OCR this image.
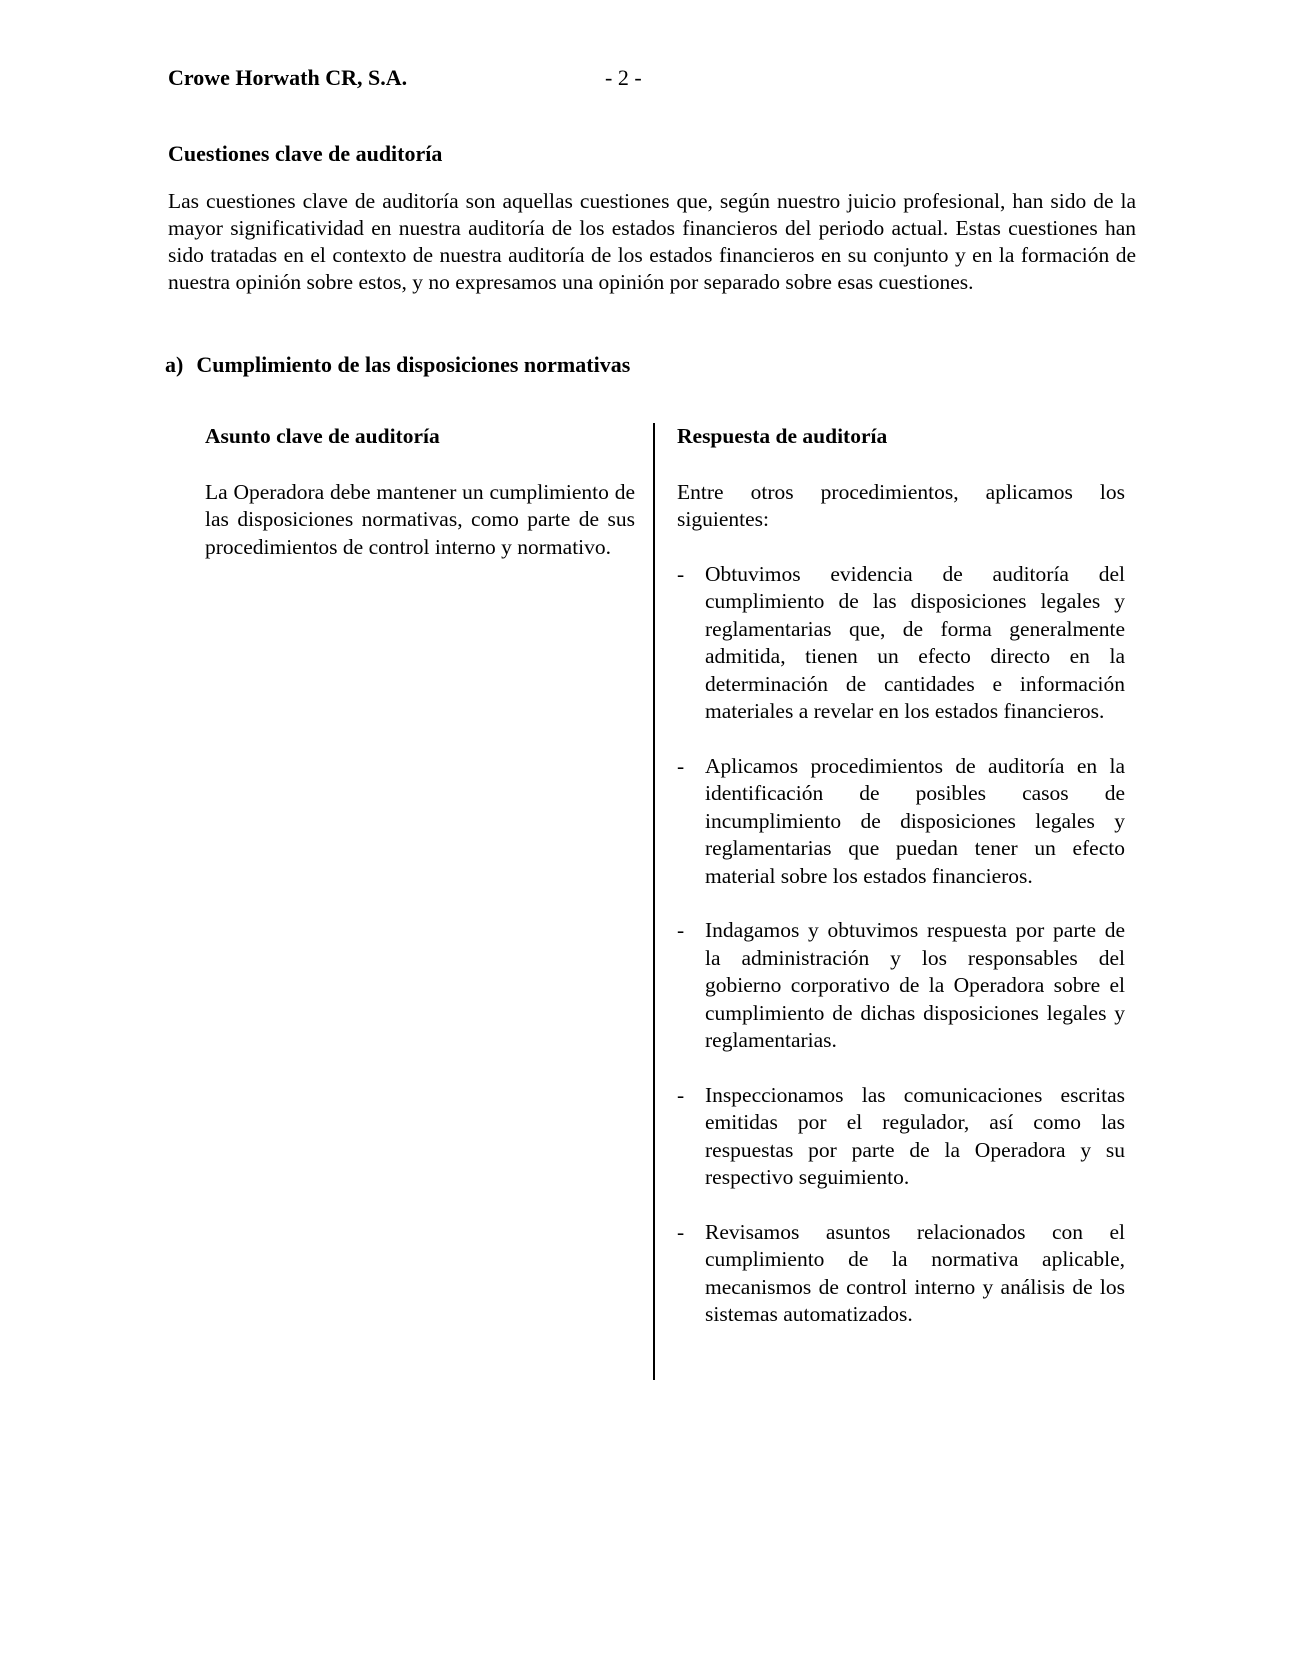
Crowe Horwath CR, S.A.	- 2 -
Cuestiones clave de auditoría
Las cuestiones clave de auditoría son aquellas cuestiones que, según nuestro juicio profesional, han sido de la mayor significatividad en nuestra auditoría de los estados financieros del periodo actual. Estas cuestiones han sido tratadas en el contexto de nuestra auditoría de los estados financieros en su conjunto y en la formación de nuestra opinión sobre estos, y no expresamos una opinión por separado sobre esas cuestiones.
a) Cumplimiento de las disposiciones normativas
Asunto clave de auditoría
La Operadora debe mantener un cumplimiento de las disposiciones normativas, como parte de sus procedimientos de control interno y normativo.
Respuesta de auditoría
Entre otros procedimientos, aplicamos los siguientes:
- Obtuvimos evidencia de auditoría del cumplimiento de las disposiciones legales y reglamentarias que, de forma generalmente admitida, tienen un efecto directo en la determinación de cantidades e información materiales a revelar en los estados financieros.
- Aplicamos procedimientos de auditoría en la identificación de posibles casos de incumplimiento de disposiciones legales y reglamentarias que puedan tener un efecto material sobre los estados financieros.
- Indagamos y obtuvimos respuesta por parte de la administración y los responsables del gobierno corporativo de la Operadora sobre el cumplimiento de dichas disposiciones legales y reglamentarias.
- Inspeccionamos las comunicaciones escritas emitidas por el regulador, así como las respuestas por parte de la Operadora y su respectivo seguimiento.
- Revisamos asuntos relacionados con el cumplimiento de la normativa aplicable, mecanismos de control interno y análisis de los sistemas automatizados.
